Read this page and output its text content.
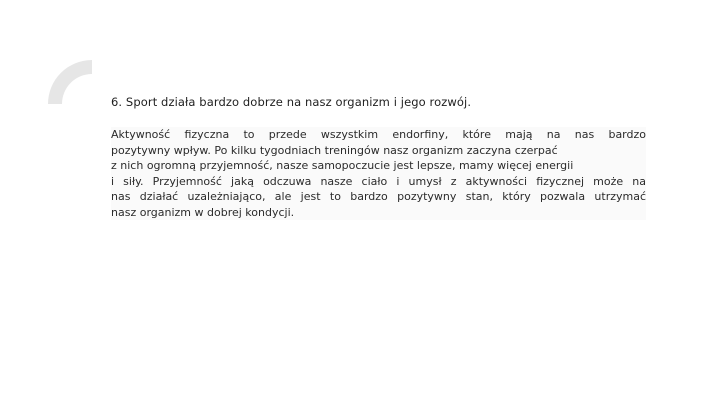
6. Sport działa bardzo dobrze na nasz organizm i jego rozwój.
Aktywność fizyczna to przede wszystkim endorfiny, które mają na nas bardzo
pozytywny wpływ. Po kilku tygodniach treningów nasz organizm zaczyna czerpać
z nich ogromną przyjemność, nasze samopoczucie jest lepsze, mamy więcej energii
i siły. Przyjemność jaką odczuwa nasze ciało i umysł z aktywności fizycznej może na
nas działać uzależniająco, ale jest to bardzo pozytywny stan, który pozwala utrzymać
nasz organizm w dobrej kondycji.
